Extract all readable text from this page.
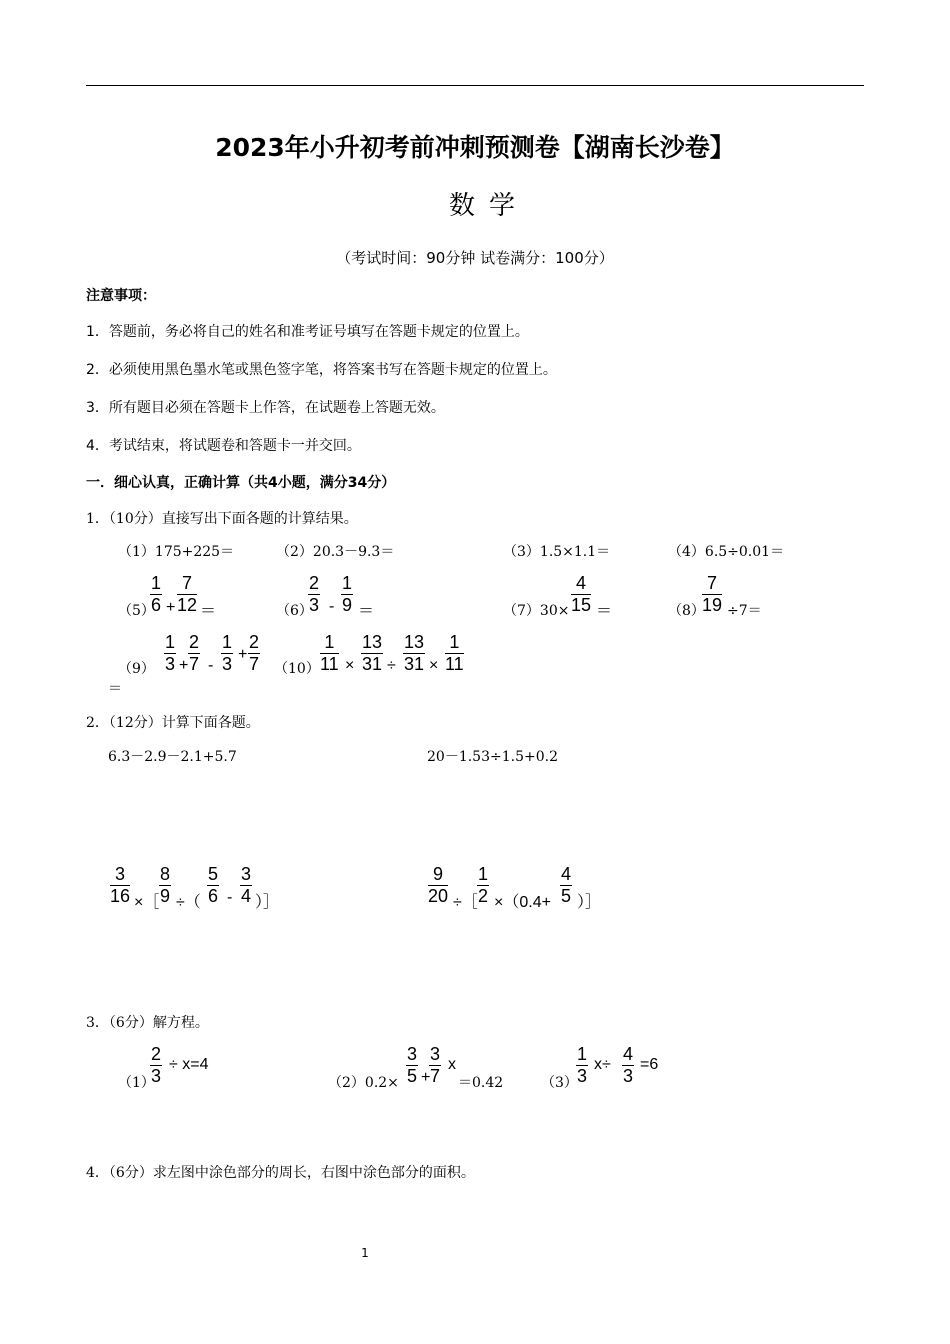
2023年小升初考前冲刺预测卷【湖南长沙卷】
数学
（考试时间：90分钟 试卷满分：100分）
注意事项：
1．答题前，务必将自己的姓名和准考证号填写在答题卡规定的位置上。
2．必须使用黑色墨水笔或黑色签字笔，将答案书写在答题卡规定的位置上。
3．所有题目必须在答题卡上作答，在试题卷上答题无效。
4．考试结束，将试题卷和答题卡一并交回。
一．细心认真，正确计算（共4小题，满分34分）
1．（10分）直接写出下面各题的计算结果。
（1）175+225＝	（2）20.3－9.3＝	（3）1.5×1.1＝	（4）6.5÷0.01＝
（5）
$\frac{1}{6} + \frac{7}{12}$ ＝	（6）
$\frac{2}{3} - \frac{1}{9}$ ＝	$(7)30\times \frac{4}{15}$ ＝	（8）
$\frac{7}{19} \div 7=$
$(9) \frac{1}{3} + \frac{2}{7} - \frac{1}{3} + \frac{2}{7}$
＝
$(10) \frac{1}{11} \times \frac{13}{31} \div \frac{13}{31} \times \frac{1}{11}$
2．（12分）计算下面各题。
6.3－2.9－2.1+5.7	20－1.53÷1.5+0.2
$\frac{3}{16}$ ×［ $\frac{8}{9}$ ÷（ $\frac{5}{6} - \frac{3}{4}$ ）］	$\frac{9}{20}$ ÷［ $\frac{1}{2} \times(0.4+ \frac{4}{5}$ ）］
3．（6分）解方程。
（1）
$\frac{2}{3} \div x=4$
$(2)0.2\times \frac{3}{5}$ +
$\frac{3}{7}$ x
＝0.42	（3）
$\frac{1}{3} x\div \frac{4}{3} =6$
4．（6分）求左图中涂色部分的周长，右图中涂色部分的面积。
1
